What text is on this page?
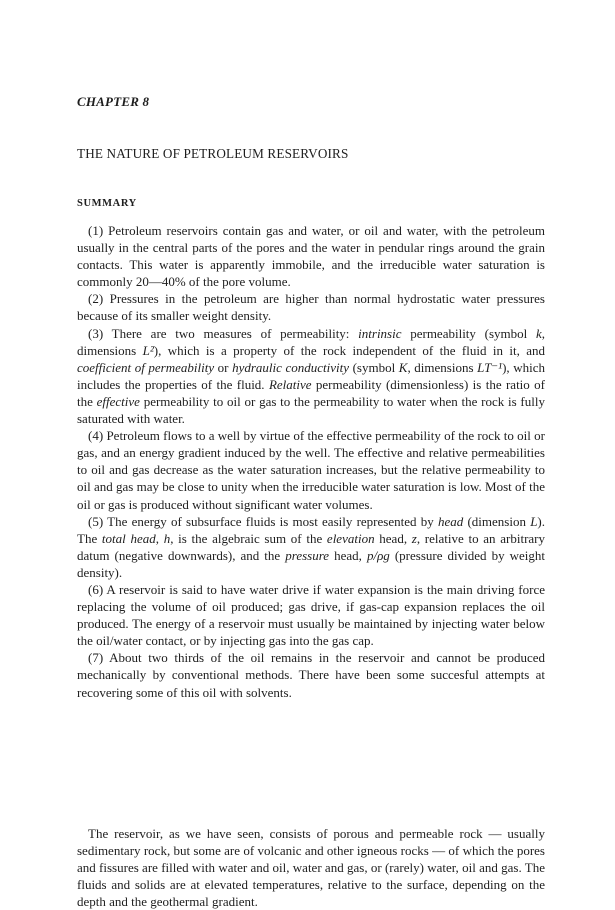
CHAPTER 8
THE NATURE OF PETROLEUM RESERVOIRS
SUMMARY

(1) Petroleum reservoirs contain gas and water, or oil and water, with the petroleum usually in the central parts of the pores and the water in pendular rings around the grain contacts. This water is apparently immobile, and the irreducible water saturation is commonly 20—40% of the pore volume.

(2) Pressures in the petroleum are higher than normal hydrostatic water pressures because of its smaller weight density.

(3) There are two measures of permeability: intrinsic permeability (symbol k, dimensions L²), which is a property of the rock independent of the fluid in it, and coefficient of permeability or hydraulic conductivity (symbol K, dimensions LT⁻¹), which includes the properties of the fluid. Relative permeability (dimensionless) is the ratio of the effective permeability to oil or gas to the permeability to water when the rock is fully saturated with water.

(4) Petroleum flows to a well by virtue of the effective permeability of the rock to oil or gas, and an energy gradient induced by the well. The effective and relative permeabilities to oil and gas decrease as the water saturation increases, but the relative permeability to oil and gas may be close to unity when the irreducible water saturation is low. Most of the oil or gas is produced without significant water volumes.

(5) The energy of subsurface fluids is most easily represented by head (dimension L). The total head, h, is the algebraic sum of the elevation head, z, relative to an arbitrary datum (negative downwards), and the pressure head, p/ρg (pressure divided by weight density).

(6) A reservoir is said to have water drive if water expansion is the main driving force replacing the volume of oil produced; gas drive, if gas-cap expansion replaces the oil produced. The energy of a reservoir must usually be maintained by injecting water below the oil/water contact, or by injecting gas into the gas cap.

(7) About two thirds of the oil remains in the reservoir and cannot be produced mechanically by conventional methods. There have been some succesful attempts at recovering some of this oil with solvents.

The reservoir, as we have seen, consists of porous and permeable rock — usually sedimentary rock, but some are of volcanic and other igneous rocks — of which the pores and fissures are filled with water and oil, water and gas, or (rarely) water, oil and gas. The fluids and solids are at elevated temperatures, relative to the surface, depending on the depth and the geothermal gradient.
